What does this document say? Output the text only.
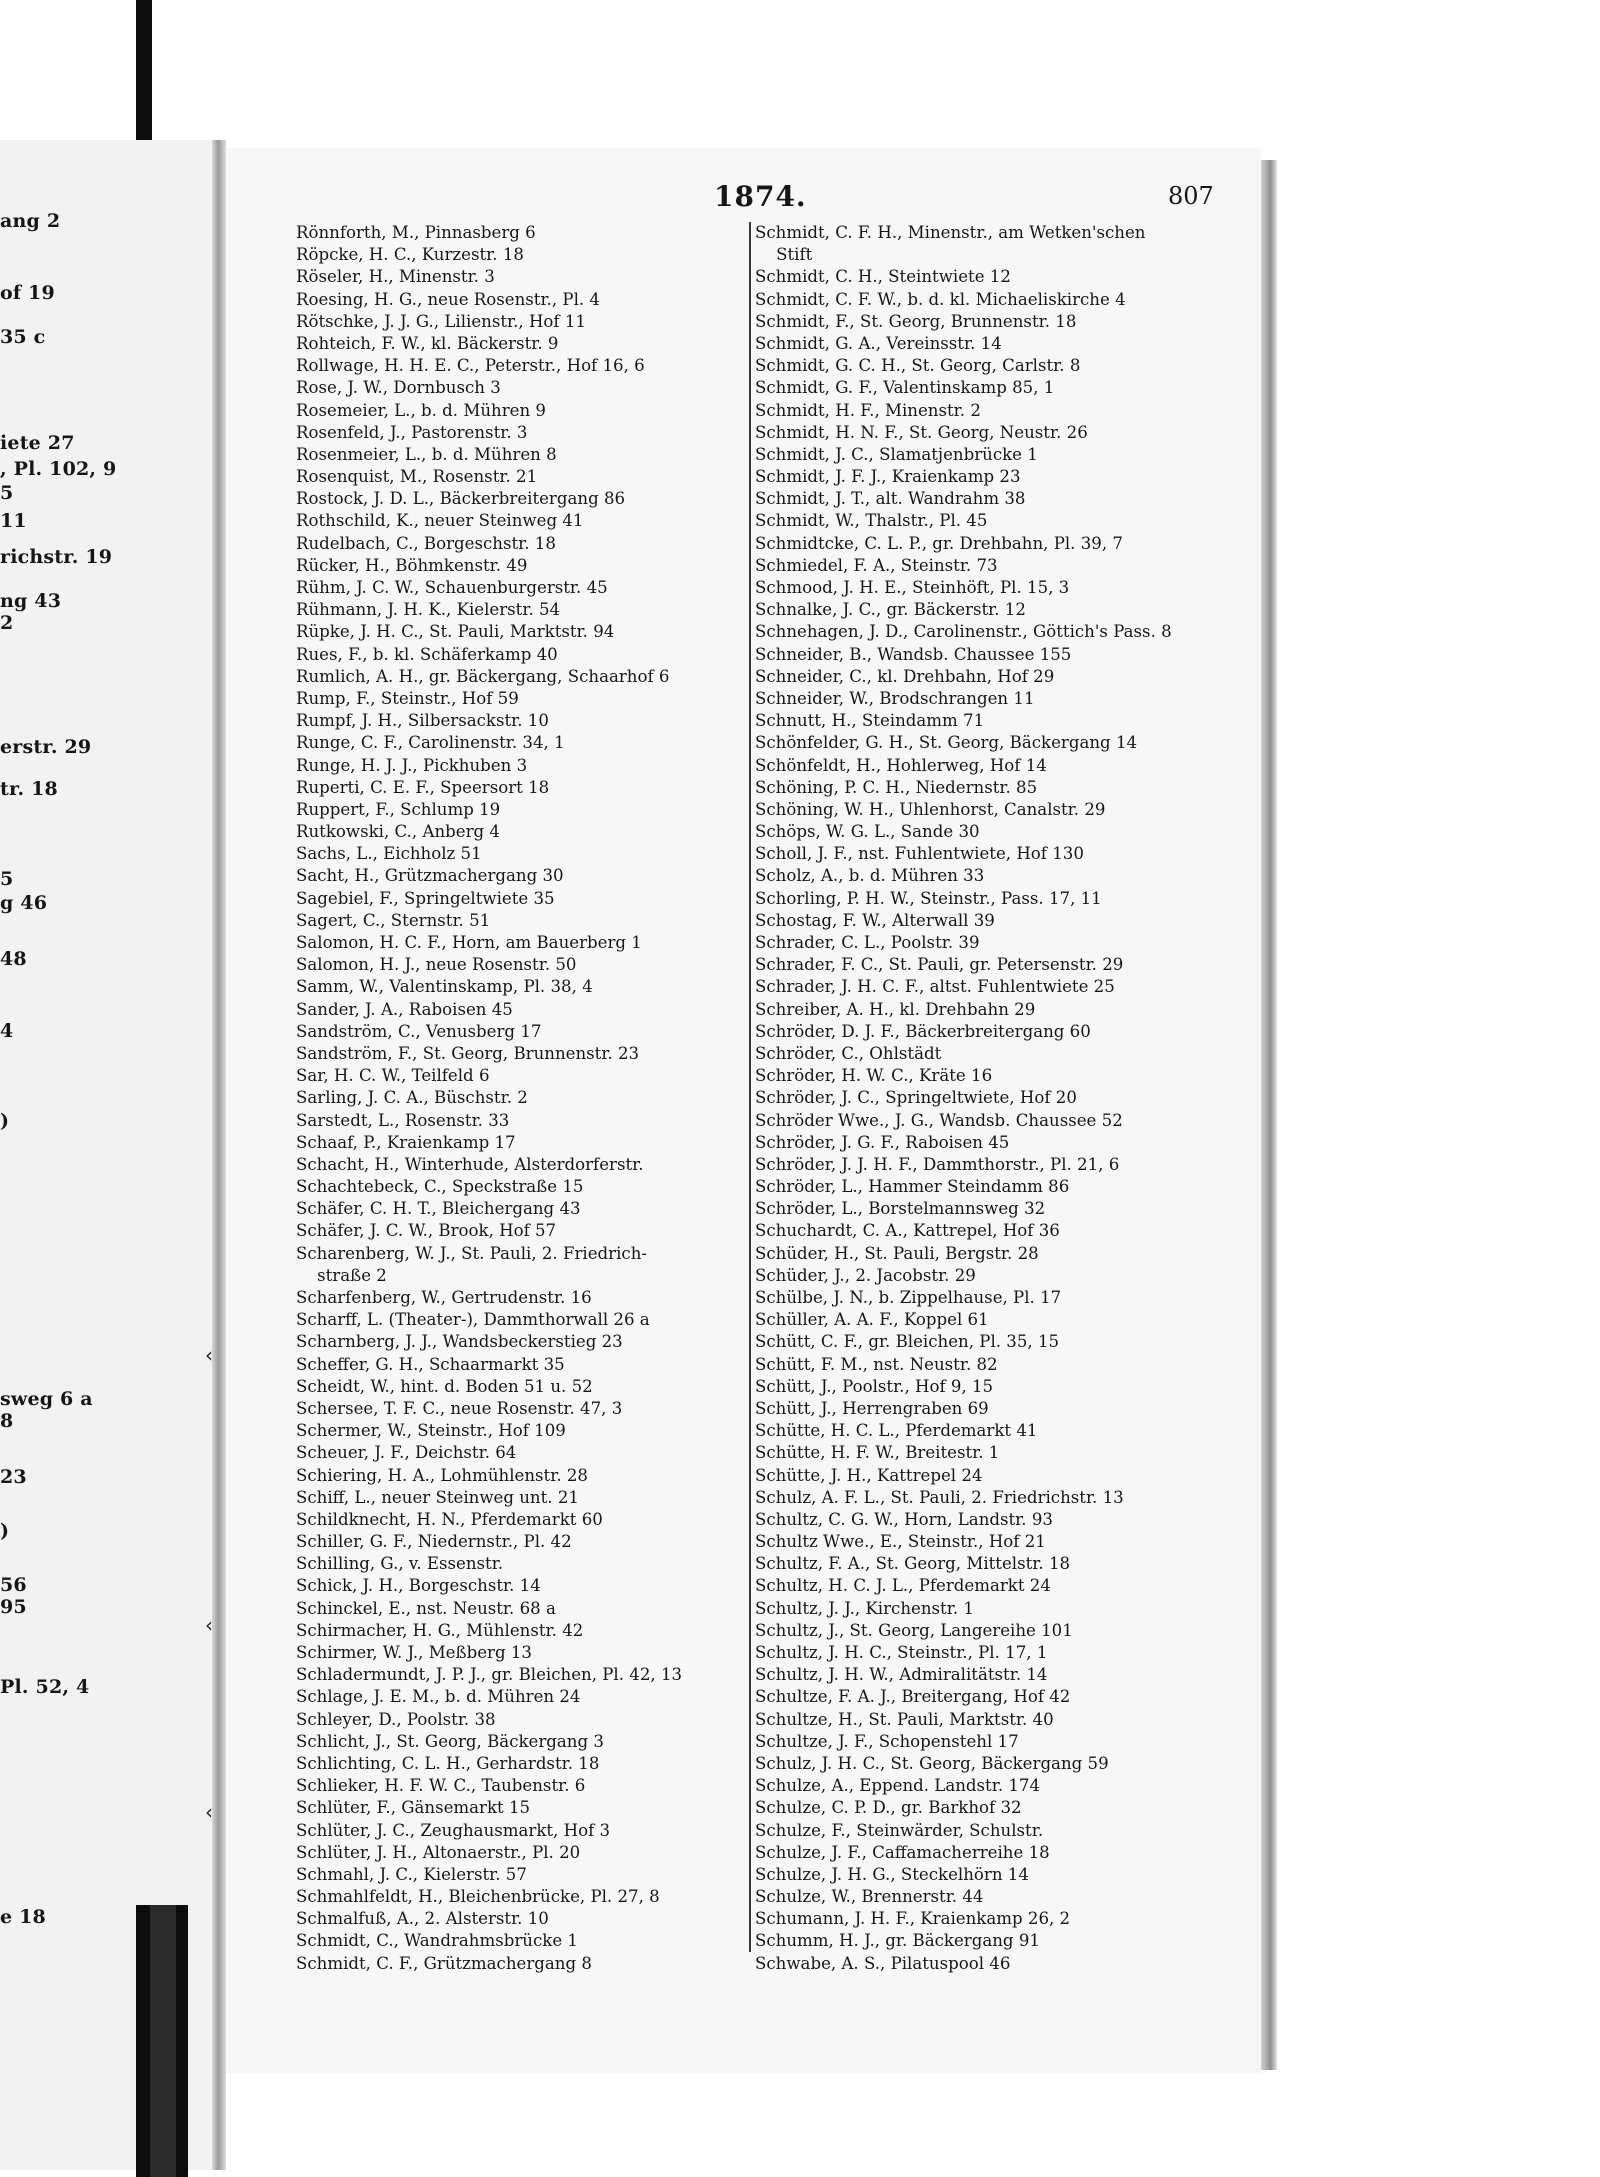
ang 2
of 19
35 c
iete 27
, Pl. 102, 9
5
11
richstr. 19
ng 43
2
erstr. 29
tr. 18
5
g 46
48
4
)
sweg 6 a
8
23
)
56
95
Pl. 52, 4
e 18
1874.	807
Rönnforth, M., Pinnasberg 6
Röpcke, H. C., Kurzestr. 18
Röseler, H., Minenstr. 3
Roesing, H. G., neue Rosenstr., Pl. 4
Rötschke, J. J. G., Lilienstr., Hof 11
Rohteich, F. W., kl. Bäckerstr. 9
Rollwage, H. H. E. C., Peterstr., Hof 16, 6
Rose, J. W., Dornbusch 3
Rosemeier, L., b. d. Mühren 9
Rosenfeld, J., Pastorenstr. 3
Rosenmeier, L., b. d. Mühren 8
Rosenquist, M., Rosenstr. 21
Rostock, J. D. L., Bäckerbreitergang 86
Rothschild, K., neuer Steinweg 41
Rudelbach, C., Borgeschstr. 18
Rücker, H., Böhmkenstr. 49
Rühm, J. C. W., Schauenburgerstr. 45
Rühmann, J. H. K., Kielerstr. 54
Rüpke, J. H. C., St. Pauli, Marktstr. 94
Rues, F., b. kl. Schäferkamp 40
Rumlich, A. H., gr. Bäckergang, Schaarhof 6
Rump, F., Steinstr., Hof 59
Rumpf, J. H., Silbersackstr. 10
Runge, C. F., Carolinenstr. 34, 1
Runge, H. J. J., Pickhuben 3
Ruperti, C. E. F., Speersort 18
Ruppert, F., Schlump 19
Rutkowski, C., Anberg 4
Sachs, L., Eichholz 51
Sacht, H., Grützmachergang 30
Sagebiel, F., Springeltwiete 35
Sagert, C., Sternstr. 51
Salomon, H. C. F., Horn, am Bauerberg 1
Salomon, H. J., neue Rosenstr. 50
Samm, W., Valentinskamp, Pl. 38, 4
Sander, J. A., Raboisen 45
Sandström, C., Venusberg 17
Sandström, F., St. Georg, Brunnenstr. 23
Sar, H. C. W., Teilfeld 6
Sarling, J. C. A., Büschstr. 2
Sarstedt, L., Rosenstr. 33
Schaaf, P., Kraienkamp 17
Schacht, H., Winterhude, Alsterdorferstr.
Schachtebeck, C., Speckstraße 15
Schäfer, C. H. T., Bleichergang 43
Schäfer, J. C. W., Brook, Hof 57
Scharenberg, W. J., St. Pauli, 2. Friedrich-
straße 2
Scharfenberg, W., Gertrudenstr. 16
Scharff, L. (Theater-), Dammthorwall 26 a
Scharnberg, J. J., Wandsbeckerstieg 23
Scheffer, G. H., Schaarmarkt 35
Scheidt, W., hint. d. Boden 51 u. 52
Schersee, T. F. C., neue Rosenstr. 47, 3
Schermer, W., Steinstr., Hof 109
Scheuer, J. F., Deichstr. 64
Schiering, H. A., Lohmühlenstr. 28
Schiff, L., neuer Steinweg unt. 21
Schildknecht, H. N., Pferdemarkt 60
Schiller, G. F., Niedernstr., Pl. 42
Schilling, G., v. Essenstr.
Schick, J. H., Borgeschstr. 14
Schinckel, E., nst. Neustr. 68 a
Schirmacher, H. G., Mühlenstr. 42
Schirmer, W. J., Meßberg 13
Schladermundt, J. P. J., gr. Bleichen, Pl. 42, 13
Schlage, J. E. M., b. d. Mühren 24
Schleyer, D., Poolstr. 38
Schlicht, J., St. Georg, Bäckergang 3
Schlichting, C. L. H., Gerhardstr. 18
Schlieker, H. F. W. C., Taubenstr. 6
Schlüter, F., Gänsemarkt 15
Schlüter, J. C., Zeughausmarkt, Hof 3
Schlüter, J. H., Altonaerstr., Pl. 20
Schmahl, J. C., Kielerstr. 57
Schmahlfeldt, H., Bleichenbrücke, Pl. 27, 8
Schmalfuß, A., 2. Alsterstr. 10
Schmidt, C., Wandrahmsbrücke 1
Schmidt, C. F., Grützmachergang 8
Schmidt, C. F. H., Minenstr., am Wetken'schen
Stift
Schmidt, C. H., Steintwiete 12
Schmidt, C. F. W., b. d. kl. Michaeliskirche 4
Schmidt, F., St. Georg, Brunnenstr. 18
Schmidt, G. A., Vereinsstr. 14
Schmidt, G. C. H., St. Georg, Carlstr. 8
Schmidt, G. F., Valentinskamp 85, 1
Schmidt, H. F., Minenstr. 2
Schmidt, H. N. F., St. Georg, Neustr. 26
Schmidt, J. C., Slamatjenbrücke 1
Schmidt, J. F. J., Kraienkamp 23
Schmidt, J. T., alt. Wandrahm 38
Schmidt, W., Thalstr., Pl. 45
Schmidtcke, C. L. P., gr. Drehbahn, Pl. 39, 7
Schmiedel, F. A., Steinstr. 73
Schmood, J. H. E., Steinhöft, Pl. 15, 3
Schnalke, J. C., gr. Bäckerstr. 12
Schnehagen, J. D., Carolinenstr., Göttich's Pass. 8
Schneider, B., Wandsb. Chaussee 155
Schneider, C., kl. Drehbahn, Hof 29
Schneider, W., Brodschrangen 11
Schnutt, H., Steindamm 71
Schönfelder, G. H., St. Georg, Bäckergang 14
Schönfeldt, H., Hohlerweg, Hof 14
Schöning, P. C. H., Niedernstr. 85
Schöning, W. H., Uhlenhorst, Canalstr. 29
Schöps, W. G. L., Sande 30
Scholl, J. F., nst. Fuhlentwiete, Hof 130
Scholz, A., b. d. Mühren 33
Schorling, P. H. W., Steinstr., Pass. 17, 11
Schostag, F. W., Alterwall 39
Schrader, C. L., Poolstr. 39
Schrader, F. C., St. Pauli, gr. Petersenstr. 29
Schrader, J. H. C. F., altst. Fuhlentwiete 25
Schreiber, A. H., kl. Drehbahn 29
Schröder, D. J. F., Bäckerbreitergang 60
Schröder, C., Ohlstädt
Schröder, H. W. C., Kräte 16
Schröder, J. C., Springeltwiete, Hof 20
Schröder Wwe., J. G., Wandsb. Chaussee 52
Schröder, J. G. F., Raboisen 45
Schröder, J. J. H. F., Dammthorstr., Pl. 21, 6
Schröder, L., Hammer Steindamm 86
Schröder, L., Borstelmannsweg 32
Schuchardt, C. A., Kattrepel, Hof 36
Schüder, H., St. Pauli, Bergstr. 28
Schüder, J., 2. Jacobstr. 29
Schülbe, J. N., b. Zippelhause, Pl. 17
Schüller, A. A. F., Koppel 61
Schütt, C. F., gr. Bleichen, Pl. 35, 15
Schütt, F. M., nst. Neustr. 82
Schütt, J., Poolstr., Hof 9, 15
Schütt, J., Herrengraben 69
Schütte, H. C. L., Pferdemarkt 41
Schütte, H. F. W., Breitestr. 1
Schütte, J. H., Kattrepel 24
Schulz, A. F. L., St. Pauli, 2. Friedrichstr. 13
Schultz, C. G. W., Horn, Landstr. 93
Schultz Wwe., E., Steinstr., Hof 21
Schultz, F. A., St. Georg, Mittelstr. 18
Schultz, H. C. J. L., Pferdemarkt 24
Schultz, J. J., Kirchenstr. 1
Schultz, J., St. Georg, Langereihe 101
Schultz, J. H. C., Steinstr., Pl. 17, 1
Schultz, J. H. W., Admiralitätstr. 14
Schultze, F. A. J., Breitergang, Hof 42
Schultze, H., St. Pauli, Marktstr. 40
Schultze, J. F., Schopenstehl 17
Schulz, J. H. C., St. Georg, Bäckergang 59
Schulze, A., Eppend. Landstr. 174
Schulze, C. P. D., gr. Barkhof 32
Schulze, F., Steinwärder, Schulstr.
Schulze, J. F., Caffamacherreihe 18
Schulze, J. H. G., Steckelhörn 14
Schulze, W., Brennerstr. 44
Schumann, J. H. F., Kraienkamp 26, 2
Schumm, H. J., gr. Bäckergang 91
Schwabe, A. S., Pilatuspool 46
‹
‹
‹
